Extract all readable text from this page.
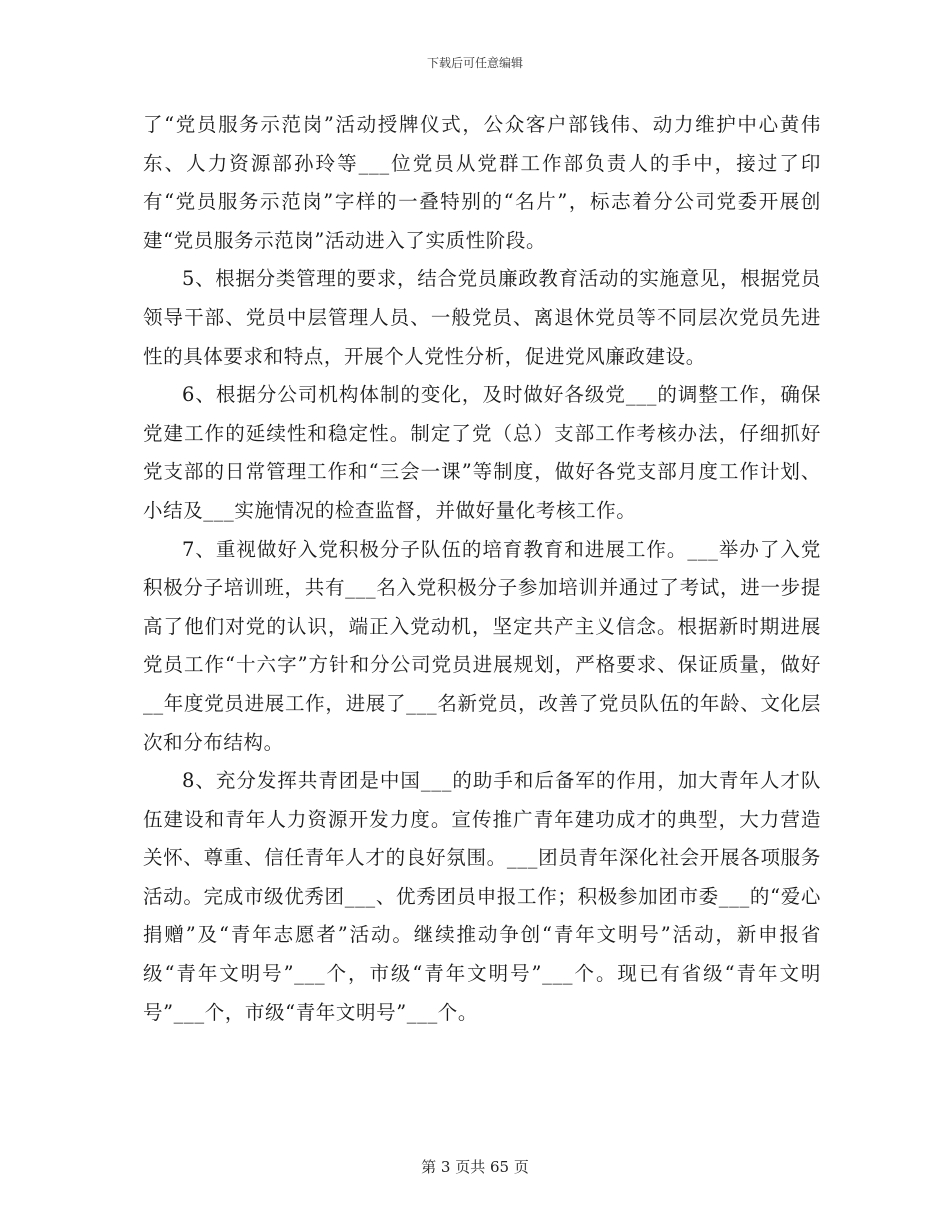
下载后可任意编辑

了“党员服务示范岗”活动授牌仪式，公众客户部钱伟、动力维护中心黄伟东、人力资源部孙玲等___位党员从党群工作部负责人的手中，接过了印有“党员服务示范岗”字样的一叠特别的“名片”，标志着分公司党委开展创建“党员服务示范岗”活动进入了实质性阶段。

5、根据分类管理的要求，结合党员廉政教育活动的实施意见，根据党员领导干部、党员中层管理人员、一般党员、离退休党员等不同层次党员先进性的具体要求和特点，开展个人党性分析，促进党风廉政建设。

6、根据分公司机构体制的变化，及时做好各级党___的调整工作，确保党建工作的延续性和稳定性。制定了党（总）支部工作考核办法，仔细抓好党支部的日常管理工作和“三会一课”等制度，做好各党支部月度工作计划、小结及___实施情况的检查监督，并做好量化考核工作。

7、重视做好入党积极分子队伍的培育教育和进展工作。___举办了入党积极分子培训班，共有___名入党积极分子参加培训并通过了考试，进一步提高了他们对党的认识，端正入党动机，坚定共产主义信念。根据新时期进展党员工作“十六字”方针和分公司党员进展规划，严格要求、保证质量，做好__年度党员进展工作，进展了___名新党员，改善了党员队伍的年龄、文化层次和分布结构。

8、充分发挥共青团是中国___的助手和后备军的作用，加大青年人才队伍建设和青年人力资源开发力度。宣传推广青年建功成才的典型，大力营造关怀、尊重、信任青年人才的良好氛围。___团员青年深化社会开展各项服务活动。完成市级优秀团___、优秀团员申报工作；积极参加团市委___的“爱心捐赠”及“青年志愿者”活动。继续推动争创“青年文明号”活动，新申报省级“青年文明号”___个，市级“青年文明号”___个。现已有省级“青年文明号”___个，市级“青年文明号”___个。

第 3 页共 65 页
